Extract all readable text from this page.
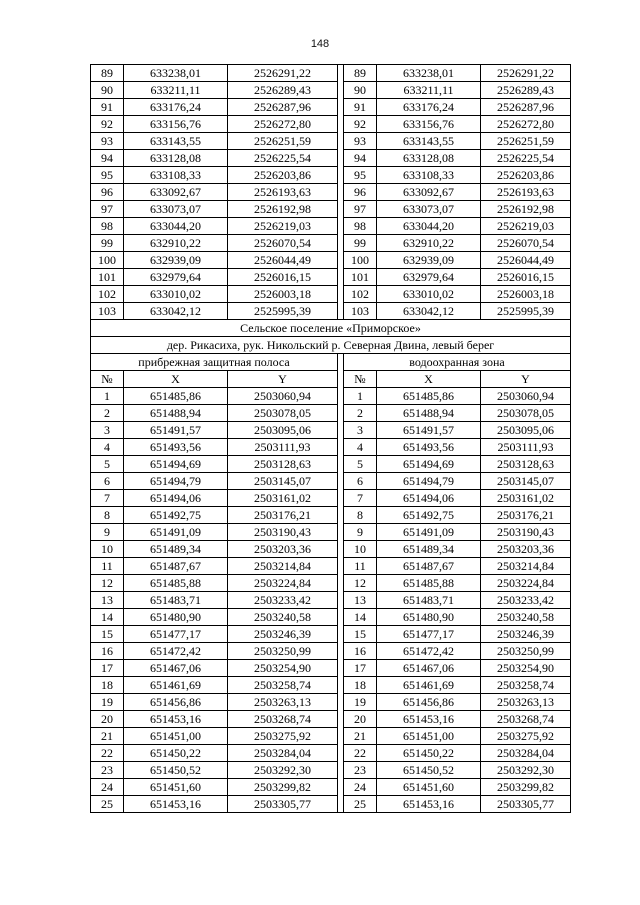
148
89	633238,01	2526291,22		89	633238,01	2526291,22
90	633211,11	2526289,43		90	633211,11	2526289,43
91	633176,24	2526287,96		91	633176,24	2526287,96
92	633156,76	2526272,80		92	633156,76	2526272,80
93	633143,55	2526251,59		93	633143,55	2526251,59
94	633128,08	2526225,54		94	633128,08	2526225,54
95	633108,33	2526203,86		95	633108,33	2526203,86
96	633092,67	2526193,63		96	633092,67	2526193,63
97	633073,07	2526192,98		97	633073,07	2526192,98
98	633044,20	2526219,03		98	633044,20	2526219,03
99	632910,22	2526070,54		99	632910,22	2526070,54
100	632939,09	2526044,49		100	632939,09	2526044,49
101	632979,64	2526016,15		101	632979,64	2526016,15
102	633010,02	2526003,18		102	633010,02	2526003,18
103	633042,12	2525995,39		103	633042,12	2525995,39
Сельское поселение «Приморское»						
дер. Рикасиха, рук. Никольский р. Северная Двина, левый берег						
прибрежная защитная полоса				водоохранная зона		
№	X	Y		№	X	Y
1	651485,86	2503060,94		1	651485,86	2503060,94
2	651488,94	2503078,05		2	651488,94	2503078,05
3	651491,57	2503095,06		3	651491,57	2503095,06
4	651493,56	2503111,93		4	651493,56	2503111,93
5	651494,69	2503128,63		5	651494,69	2503128,63
6	651494,79	2503145,07		6	651494,79	2503145,07
7	651494,06	2503161,02		7	651494,06	2503161,02
8	651492,75	2503176,21		8	651492,75	2503176,21
9	651491,09	2503190,43		9	651491,09	2503190,43
10	651489,34	2503203,36		10	651489,34	2503203,36
11	651487,67	2503214,84		11	651487,67	2503214,84
12	651485,88	2503224,84		12	651485,88	2503224,84
13	651483,71	2503233,42		13	651483,71	2503233,42
14	651480,90	2503240,58		14	651480,90	2503240,58
15	651477,17	2503246,39		15	651477,17	2503246,39
16	651472,42	2503250,99		16	651472,42	2503250,99
17	651467,06	2503254,90		17	651467,06	2503254,90
18	651461,69	2503258,74		18	651461,69	2503258,74
19	651456,86	2503263,13		19	651456,86	2503263,13
20	651453,16	2503268,74		20	651453,16	2503268,74
21	651451,00	2503275,92		21	651451,00	2503275,92
22	651450,22	2503284,04		22	651450,22	2503284,04
23	651450,52	2503292,30		23	651450,52	2503292,30
24	651451,60	2503299,82		24	651451,60	2503299,82
25	651453,16	2503305,77		25	651453,16	2503305,77
